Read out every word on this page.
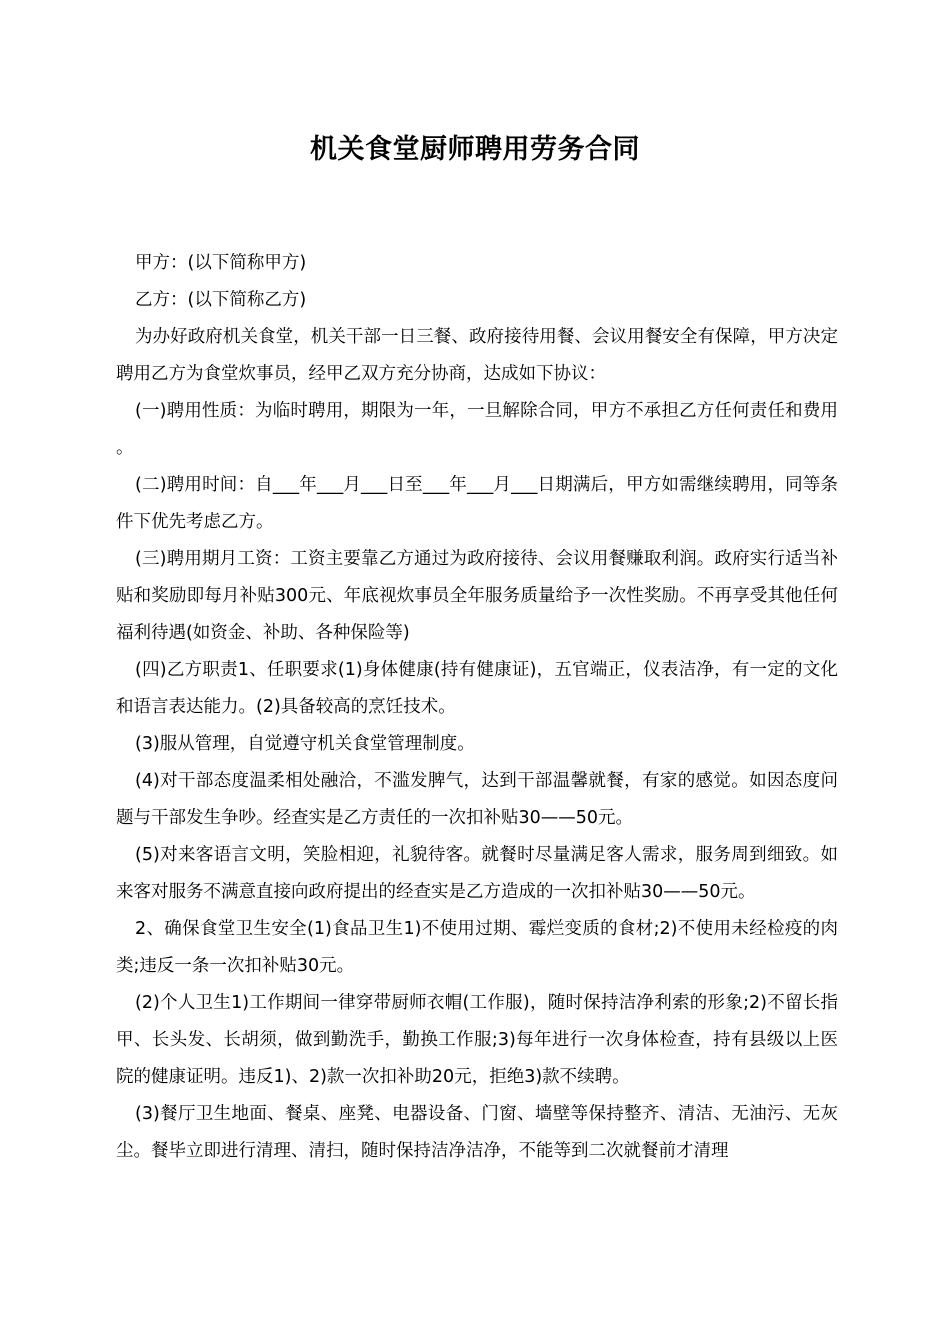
机关食堂厨师聘用劳务合同

甲方：(以下简称甲方)

乙方：(以下简称乙方)

为办好政府机关食堂，机关干部一日三餐、政府接待用餐、会议用餐安全有保障，甲方决定聘用乙方为食堂炊事员，经甲乙双方充分协商，达成如下协议：

(一)聘用性质：为临时聘用，期限为一年，一旦解除合同，甲方不承担乙方任何责任和费用。

(二)聘用时间：自___年___月___日至___年___月___日期满后，甲方如需继续聘用，同等条件下优先考虑乙方。

(三)聘用期月工资：工资主要靠乙方通过为政府接待、会议用餐赚取利润。政府实行适当补贴和奖励即每月补贴300元、年底视炊事员全年服务质量给予一次性奖励。不再享受其他任何福利待遇(如资金、补助、各种保险等)

(四)乙方职责1、任职要求(1)身体健康(持有健康证)，五官端正，仪表洁净，有一定的文化和语言表达能力。(2)具备较高的烹饪技术。

(3)服从管理，自觉遵守机关食堂管理制度。

(4)对干部态度温柔相处融洽，不滥发脾气，达到干部温馨就餐，有家的感觉。如因态度问题与干部发生争吵。经查实是乙方责任的一次扣补贴30——50元。

(5)对来客语言文明，笑脸相迎，礼貌待客。就餐时尽量满足客人需求，服务周到细致。如来客对服务不满意直接向政府提出的经查实是乙方造成的一次扣补贴30——50元。

2、确保食堂卫生安全(1)食品卫生1)不使用过期、霉烂变质的食材;2)不使用未经检疫的肉类;违反一条一次扣补贴30元。

(2)个人卫生1)工作期间一律穿带厨师衣帽(工作服)，随时保持洁净利索的形象;2)不留长指甲、长头发、长胡须，做到勤洗手，勤换工作服;3)每年进行一次身体检查，持有县级以上医院的健康证明。违反1)、2)款一次扣补助20元，拒绝3)款不续聘。

(3)餐厅卫生地面、餐桌、座凳、电器设备、门窗、墙壁等保持整齐、清洁、无油污、无灰尘。餐毕立即进行清理、清扫，随时保持洁净洁净，不能等到二次就餐前才清理
